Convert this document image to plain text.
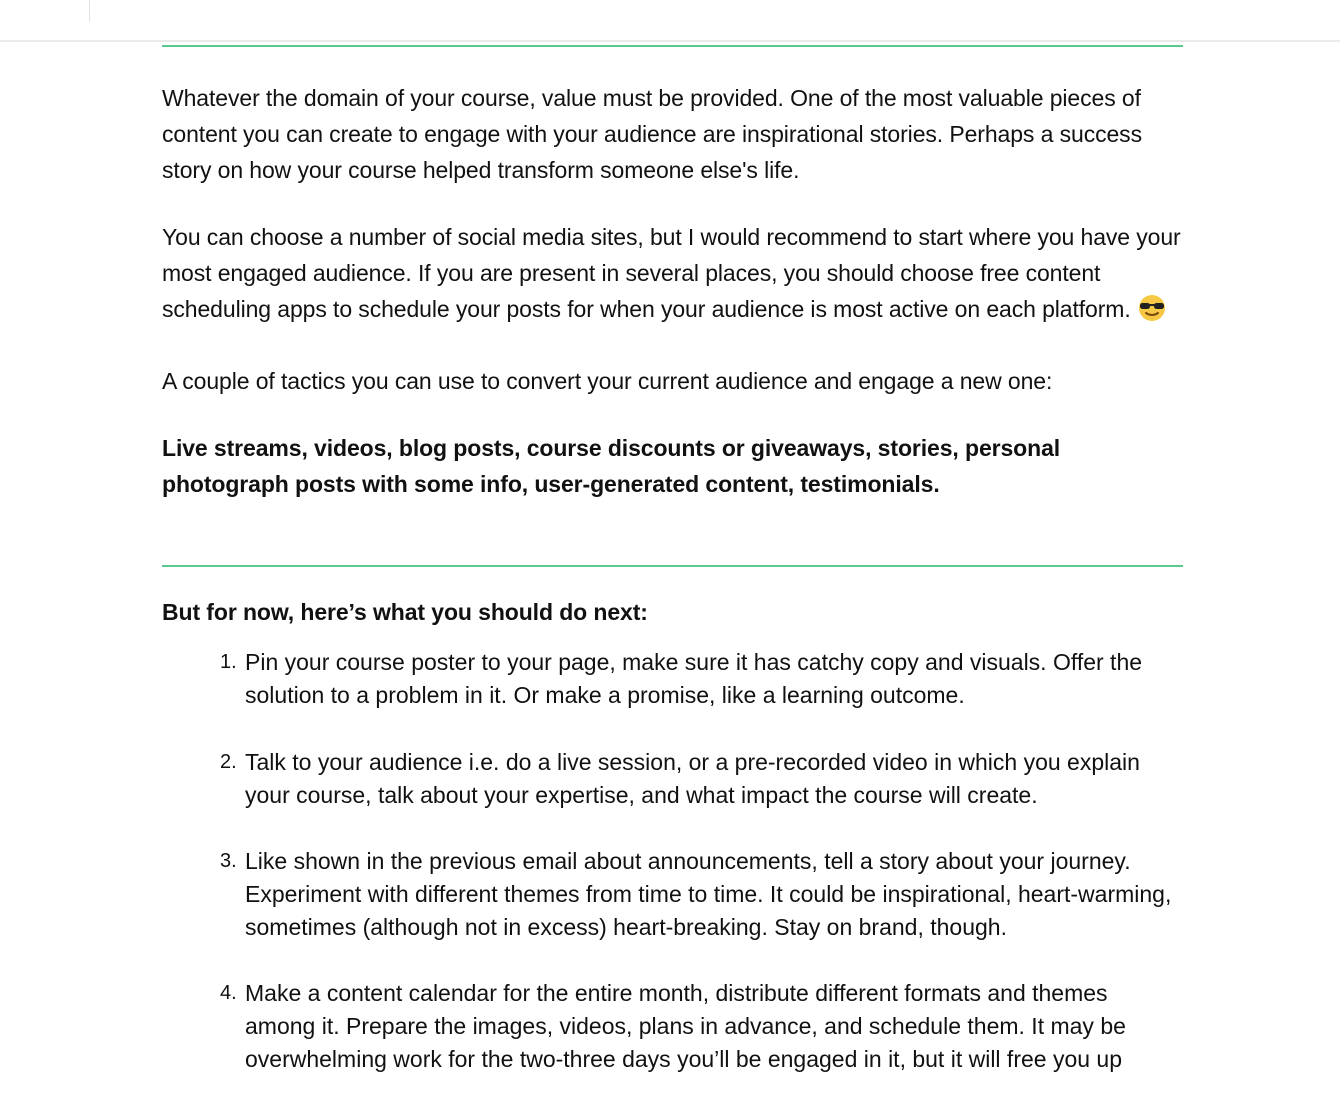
Whatever the domain of your course, value must be provided. One of the most valuable pieces of content you can create to engage with your audience are inspirational stories. Perhaps a success story on how your course helped transform someone else's life.

You can choose a number of social media sites, but I would recommend to start where you have your most engaged audience. If you are present in several places, you should choose free content scheduling apps to schedule your posts for when your audience is most active on each platform.

A couple of tactics you can use to convert your current audience and engage a new one:

Live streams, videos, blog posts, course discounts or giveaways, stories, personal photograph posts with some info, user-generated content, testimonials.

But for now, here’s what you should do next:

1. Pin your course poster to your page, make sure it has catchy copy and visuals. Offer the solution to a problem in it. Or make a promise, like a learning outcome.
2. Talk to your audience i.e. do a live session, or a pre-recorded video in which you explain your course, talk about your expertise, and what impact the course will create.
3. Like shown in the previous email about announcements, tell a story about your journey. Experiment with different themes from time to time. It could be inspirational, heart-warming, sometimes (although not in excess) heart-breaking. Stay on brand, though.
4. Make a content calendar for the entire month, distribute different formats and themes among it. Prepare the images, videos, plans in advance, and schedule them. It may be overwhelming work for the two-three days you’ll be engaged in it, but it will free you up
